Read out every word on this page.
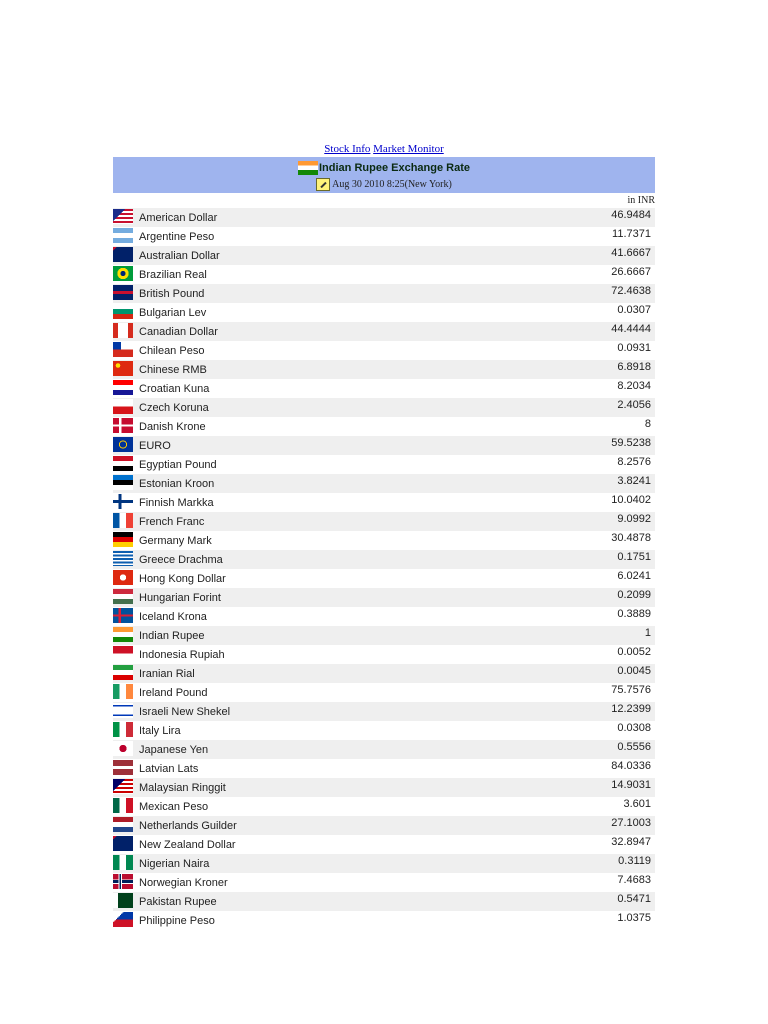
Stock Info Market Monitor
Indian Rupee Exchange Rate
Aug 30 2010 8:25(New York)
in INR
American Dollar	46.9484
Argentine Peso	11.7371
Australian Dollar	41.6667
Brazilian Real	26.6667
British Pound	72.4638
Bulgarian Lev	0.0307
Canadian Dollar	44.4444
Chilean Peso	0.0931
Chinese RMB	6.8918
Croatian Kuna	8.2034
Czech Koruna	2.4056
Danish Krone	8
EURO	59.5238
Egyptian Pound	8.2576
Estonian Kroon	3.8241
Finnish Markka	10.0402
French Franc	9.0992
Germany Mark	30.4878
Greece Drachma	0.1751
Hong Kong Dollar	6.0241
Hungarian Forint	0.2099
Iceland Krona	0.3889
Indian Rupee	1
Indonesia Rupiah	0.0052
Iranian Rial	0.0045
Ireland Pound	75.7576
Israeli New Shekel	12.2399
Italy Lira	0.0308
Japanese Yen	0.5556
Latvian Lats	84.0336
Malaysian Ringgit	14.9031
Mexican Peso	3.601
Netherlands Guilder	27.1003
New Zealand Dollar	32.8947
Nigerian Naira	0.3119
Norwegian Kroner	7.4683
Pakistan Rupee	0.5471
Philippine Peso	1.0375
